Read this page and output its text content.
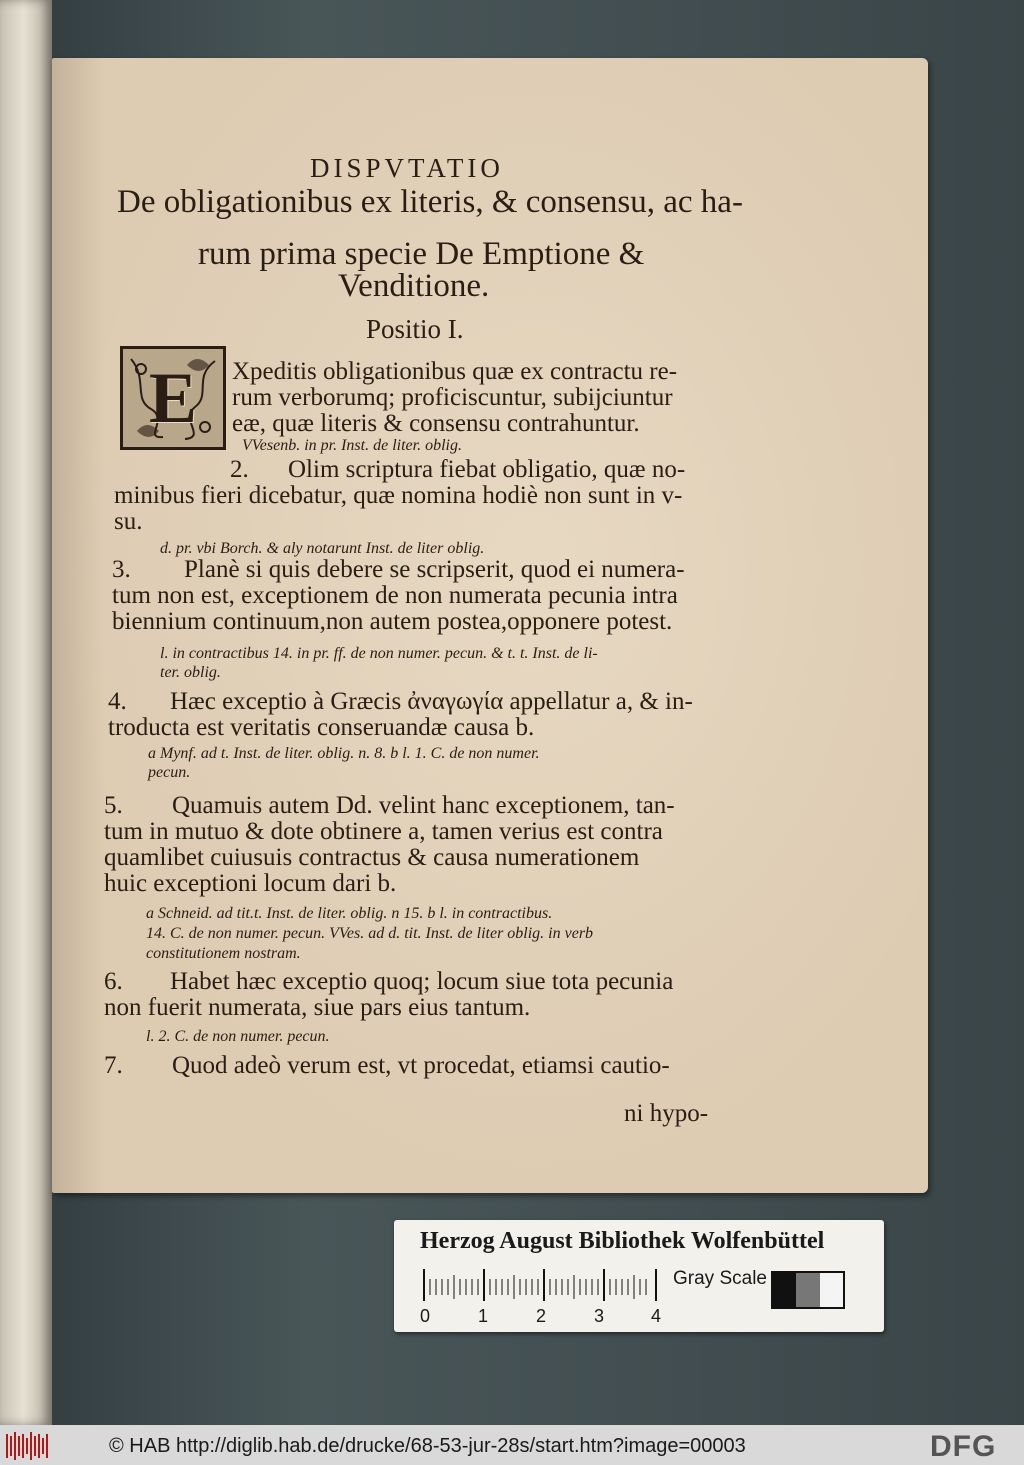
DISPVTATIO
De obligationibus ex literis, & consensu, ac ha-
rum prima specie De Emptione &
Venditione.
Positio I.
E Xpeditis obligationibus quæ ex contractu re-
rum verborumq; proficiscuntur, subijciuntur
eæ, quæ literis & consensu contrahuntur.
VVesenb. in pr. Inst. de liter. oblig.
2. Olim scriptura fiebat obligatio, quæ no-
minibus fieri dicebatur, quæ nomina hodiè non sunt in v-
su.
d. pr. vbi Borch. & aly notarunt Inst. de liter oblig.
3. Planè si quis debere se scripserit, quod ei numera-
tum non est, exceptionem de non numerata pecunia intra
biennium continuum,non autem postea,opponere potest.
l. in contractibus 14. in pr. ff. de non numer. pecun. & t. t. Inst. de li-
ter. oblig.
4. Hæc exceptio à Græcis ἀναγωγία appellatur a, & in-
troducta est veritatis conseruandæ causa b.
a Mynf. ad t. Inst. de liter. oblig. n. 8. b l. 1. C. de non numer.
pecun.
5. Quamuis autem Dd. velint hanc exceptionem, tan-
tum in mutuo & dote obtinere a, tamen verius est contra
quamlibet cuiusuis contractus & causa numerationem
huic exceptioni locum dari b.
a Schneid. ad tit.t. Inst. de liter. oblig. n 15. b l. in contractibus.
14. C. de non numer. pecun. VVes. ad d. tit. Inst. de liter oblig. in verb
constitutionem nostram.
6. Habet hæc exceptio quoq; locum siue tota pecunia
non fuerit numerata, siue pars eius tantum.
l. 2. C. de non numer. pecun.
7. Quod adeò verum est, vt procedat, etiamsi cautio-
ni hypo-
Herzog August Bibliothek Wolfenbüttel
0	1	2	3	4
Gray Scale
© HAB http://diglib.hab.de/drucke/68-53-jur-28s/start.htm?image=00003	DFG
